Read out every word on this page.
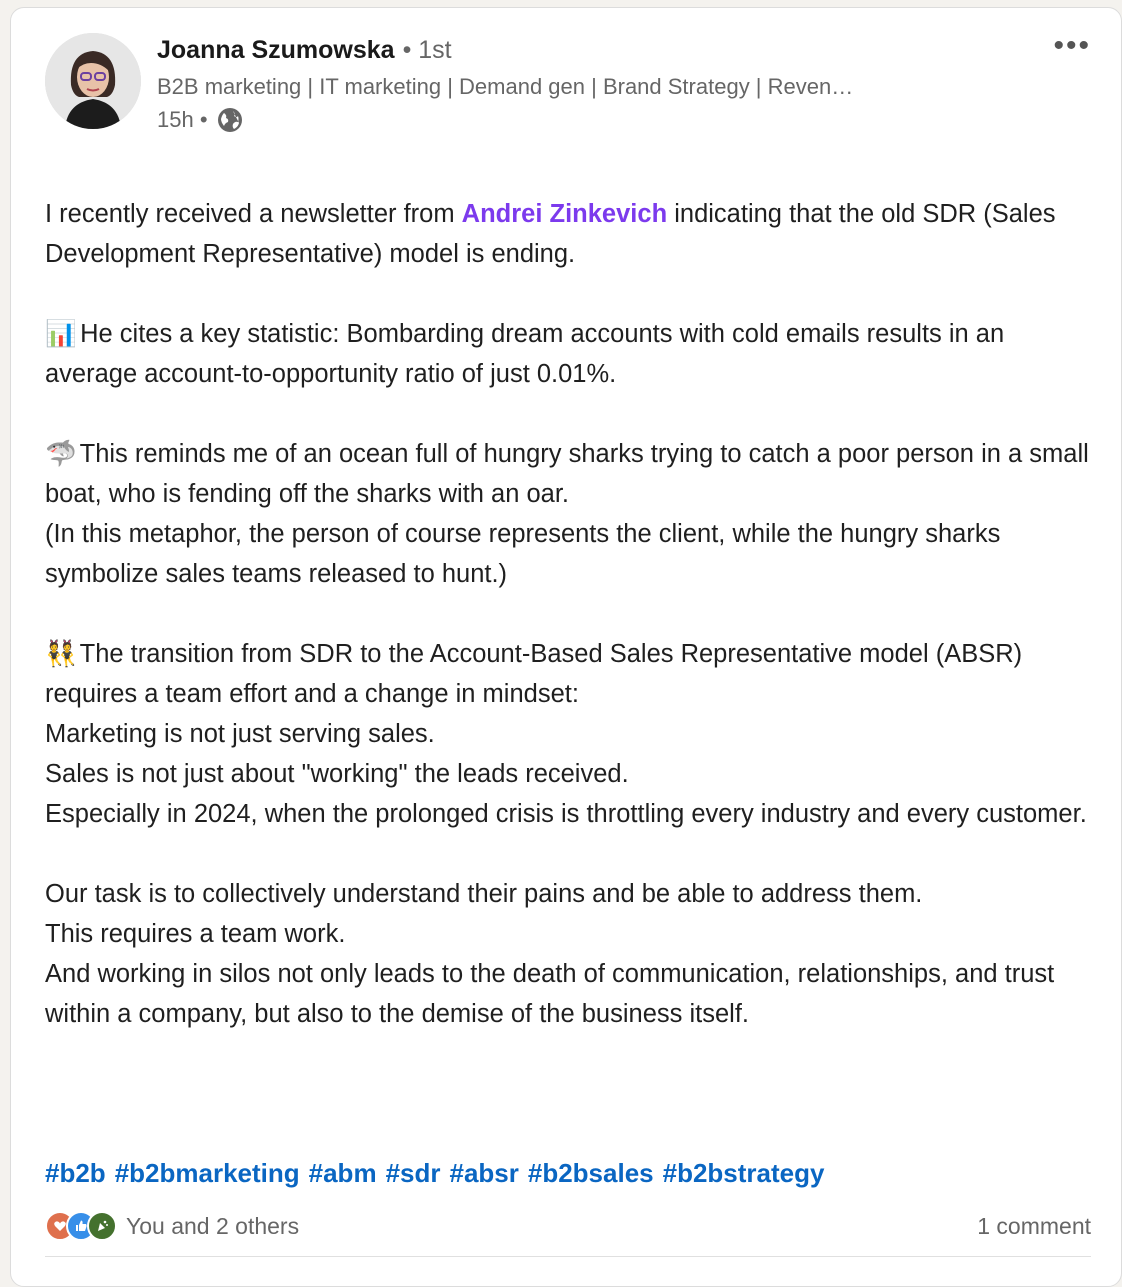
Joanna Szumowska • 1st
B2B marketing | IT marketing | Demand gen | Brand Strategy | Reven…
15h •
•••

I recently received a newsletter from Andrei Zinkevich indicating that the old SDR (Sales Development Representative) model is ending.

📊 He cites a key statistic: Bombarding dream accounts with cold emails results in an average account-to-opportunity ratio of just 0.01%.

🦈 This reminds me of an ocean full of hungry sharks trying to catch a poor person in a small boat, who is fending off the sharks with an oar.
(In this metaphor, the person of course represents the client, while the hungry sharks symbolize sales teams released to hunt.)

👯 The transition from SDR to the Account-Based Sales Representative model (ABSR) requires a team effort and a change in mindset:
Marketing is not just serving sales.
Sales is not just about "working" the leads received.
Especially in 2024, when the prolonged crisis is throttling every industry and every customer.

Our task is to collectively understand their pains and be able to address them.
This requires a team work.
And working in silos not only leads to the death of communication, relationships, and trust within a company, but also to the demise of the business itself.

#b2b #b2bmarketing #abm #sdr #absr #b2bsales #b2bstrategy
You and 2 others	1 comment
